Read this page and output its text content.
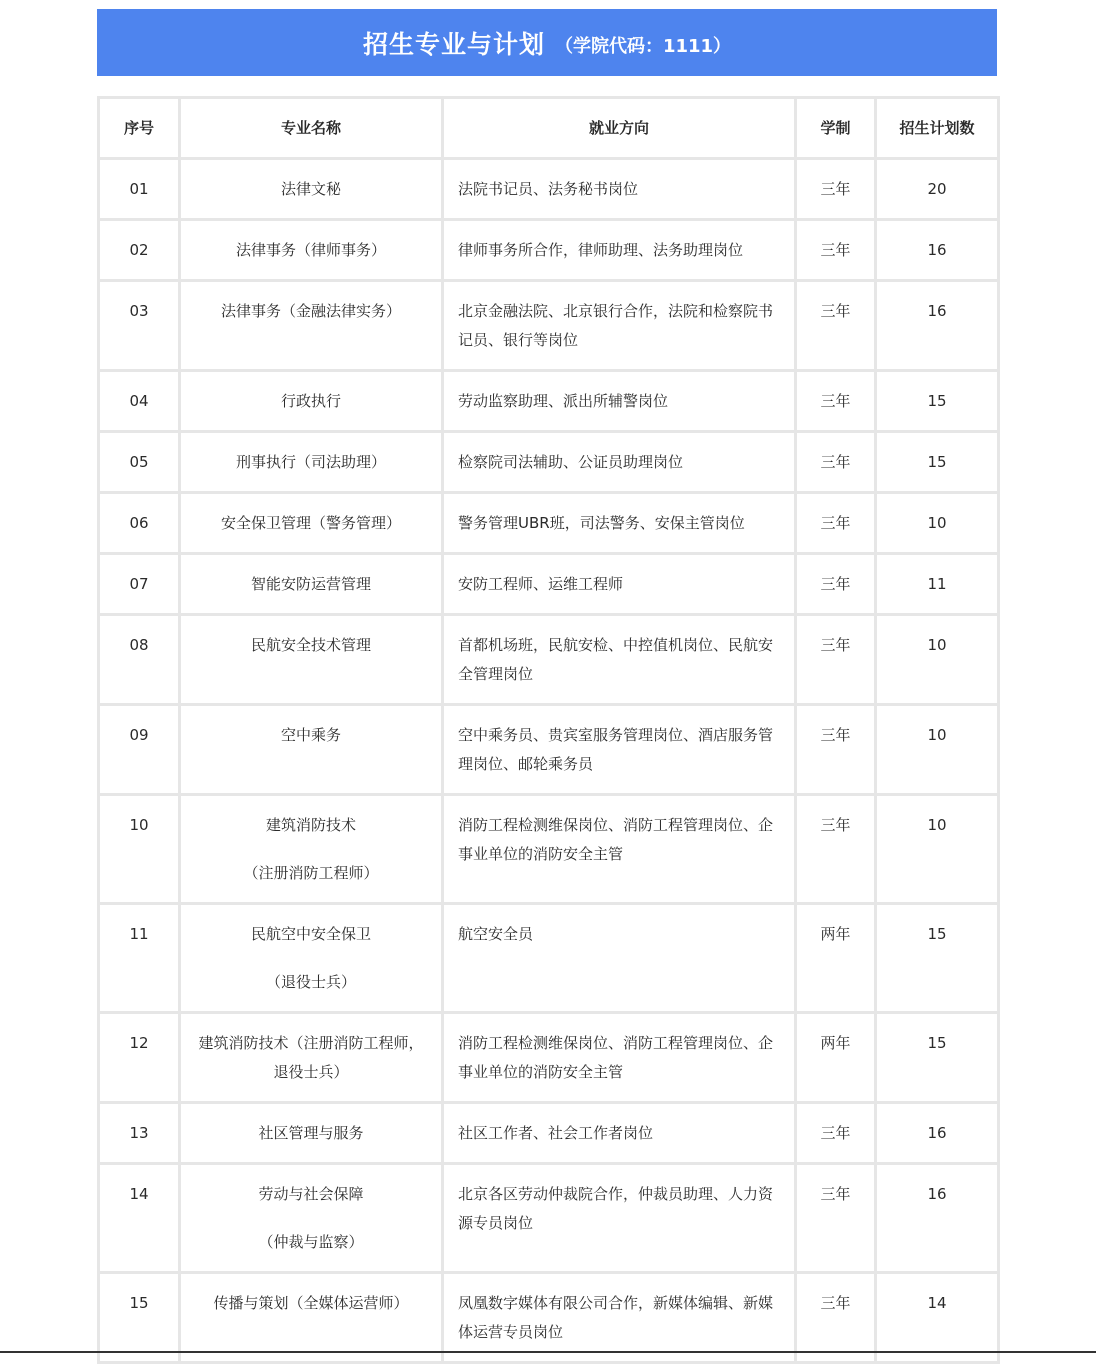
招生专业与计划 （学院代码：1111）
序号	专业名称	就业方向	学制	招生计划数
01	法律文秘	法院书记员、法务秘书岗位	三年	20
02	法律事务（律师事务）	律师事务所合作，律师助理、法务助理岗位	三年	16
03	法律事务（金融法律实务）	北京金融法院、北京银行合作，法院和检察院书记员、银行等岗位	三年	16
04	行政执行	劳动监察助理、派出所辅警岗位	三年	15
05	刑事执行（司法助理）	检察院司法辅助、公证员助理岗位	三年	15
06	安全保卫管理（警务管理）	警务管理UBR班，司法警务、安保主管岗位	三年	10
07	智能安防运营管理	安防工程师、运维工程师	三年	11
08	民航安全技术管理	首都机场班，民航安检、中控值机岗位、民航安全管理岗位	三年	10
09	空中乘务	空中乘务员、贵宾室服务管理岗位、酒店服务管理岗位、邮轮乘务员	三年	10
10	建筑消防技术
（注册消防工程师）	消防工程检测维保岗位、消防工程管理岗位、企事业单位的消防安全主管	三年	10
11	民航空中安全保卫
（退役士兵）	航空安全员	两年	15
12	建筑消防技术（注册消防工程师，退役士兵）	消防工程检测维保岗位、消防工程管理岗位、企事业单位的消防安全主管	两年	15
13	社区管理与服务	社区工作者、社会工作者岗位	三年	16
14	劳动与社会保障
（仲裁与监察）	北京各区劳动仲裁院合作，仲裁员助理、人力资源专员岗位	三年	16
15	传播与策划（全媒体运营师）	凤凰数字媒体有限公司合作，新媒体编辑、新媒体运营专员岗位	三年	14
